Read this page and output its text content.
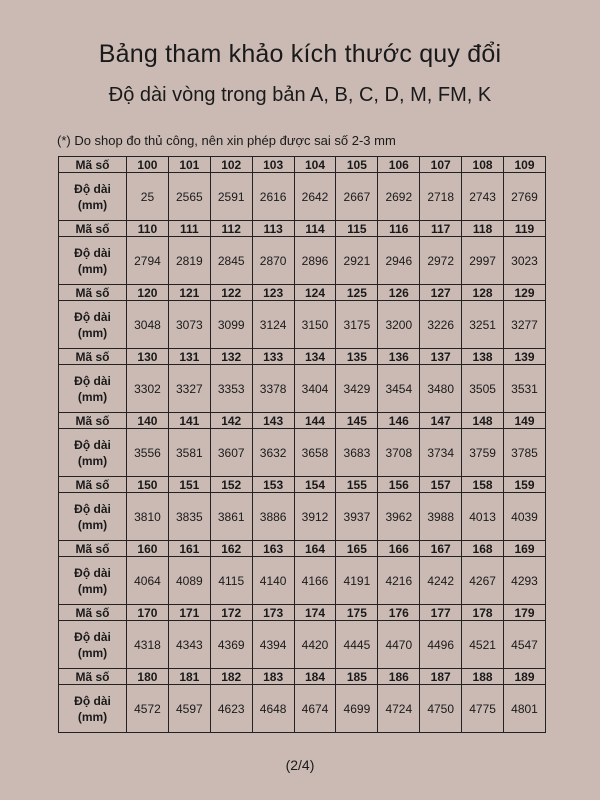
Bảng tham khảo kích thước quy đổi
Độ dài vòng trong bản A, B, C, D, M, FM, K
(*) Do shop đo thủ công, nên xin phép được sai số 2-3 mm
Mã số	100	101	102	103	104	105	106	107	108	109

Độ dài
(mm)	25	2565	2591	2616	2642	2667	2692	2718	2743	2769
Mã số	110	111	112	113	114	115	116	117	118	119

Độ dài
(mm)	2794	2819	2845	2870	2896	2921	2946	2972	2997	3023
Mã số	120	121	122	123	124	125	126	127	128	129

Độ dài
(mm)	3048	3073	3099	3124	3150	3175	3200	3226	3251	3277
Mã số	130	131	132	133	134	135	136	137	138	139

Độ dài
(mm)	3302	3327	3353	3378	3404	3429	3454	3480	3505	3531
Mã số	140	141	142	143	144	145	146	147	148	149

Độ dài
(mm)	3556	3581	3607	3632	3658	3683	3708	3734	3759	3785
Mã số	150	151	152	153	154	155	156	157	158	159

Độ dài
(mm)	3810	3835	3861	3886	3912	3937	3962	3988	4013	4039
Mã số	160	161	162	163	164	165	166	167	168	169

Độ dài
(mm)	4064	4089	4115	4140	4166	4191	4216	4242	4267	4293
Mã số	170	171	172	173	174	175	176	177	178	179

Độ dài
(mm)	4318	4343	4369	4394	4420	4445	4470	4496	4521	4547
Mã số	180	181	182	183	184	185	186	187	188	189

Độ dài
(mm)	4572	4597	4623	4648	4674	4699	4724	4750	4775	4801
(2/4)
